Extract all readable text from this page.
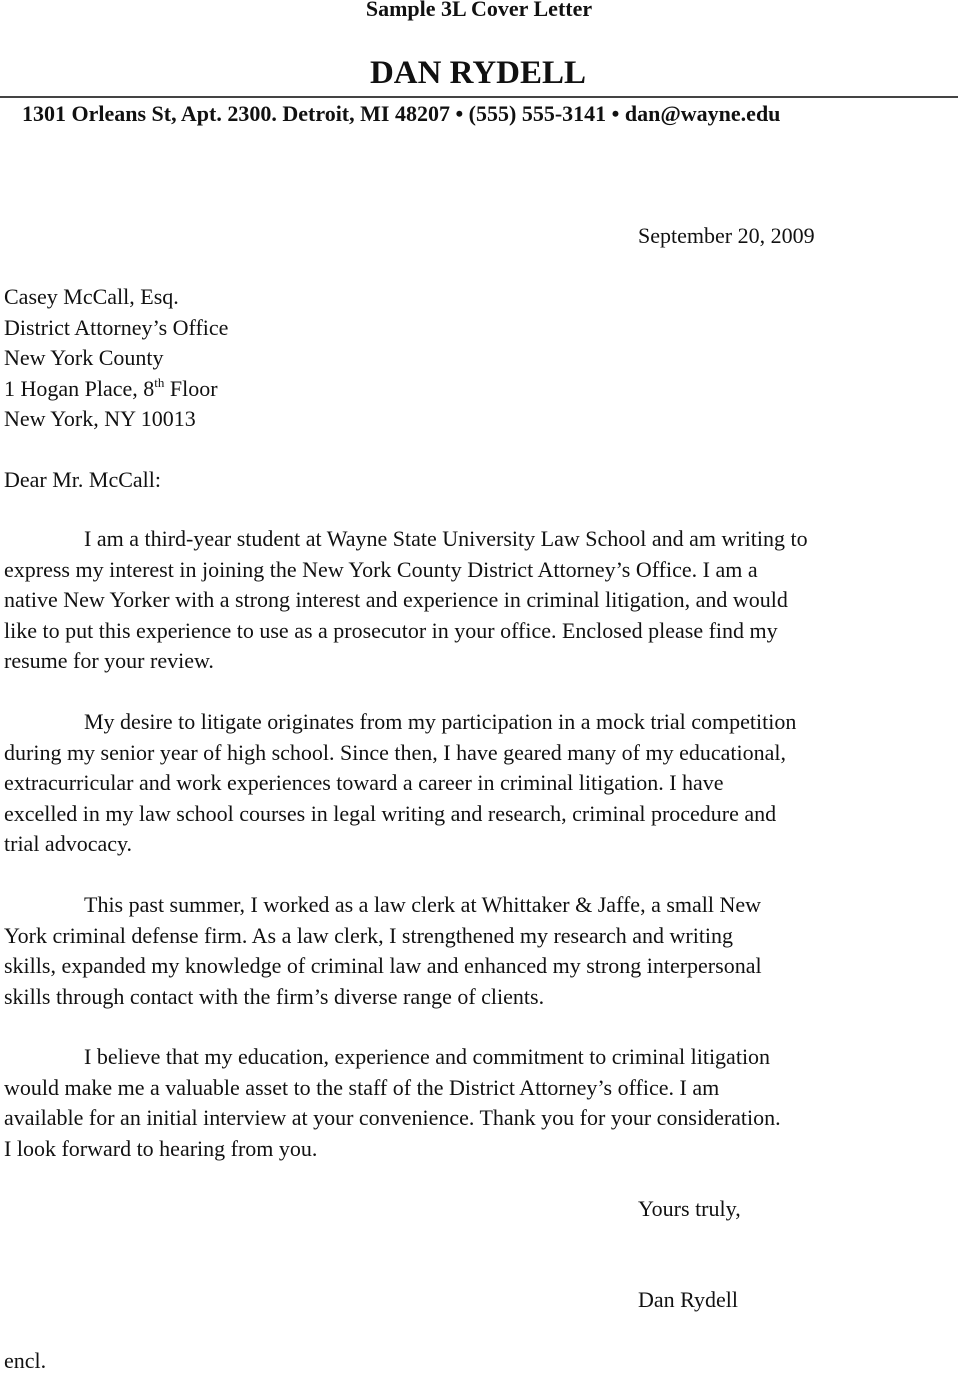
Sample 3L Cover Letter
DAN RYDELL
1301 Orleans St, Apt. 2300. Detroit, MI 48207 • (555) 555-3141 • dan@wayne.edu
September 20, 2009
Casey McCall, Esq.
District Attorney’s Office
New York County
1 Hogan Place, 8th Floor
New York, NY 10013
Dear Mr. McCall:
I am a third-year student at Wayne State University Law School and am writing to
express my interest in joining the New York County District Attorney’s Office. I am a
native New Yorker with a strong interest and experience in criminal litigation, and would
like to put this experience to use as a prosecutor in your office. Enclosed please find my
resume for your review.
My desire to litigate originates from my participation in a mock trial competition
during my senior year of high school. Since then, I have geared many of my educational,
extracurricular and work experiences toward a career in criminal litigation. I have
excelled in my law school courses in legal writing and research, criminal procedure and
trial advocacy.
This past summer, I worked as a law clerk at Whittaker & Jaffe, a small New
York criminal defense firm. As a law clerk, I strengthened my research and writing
skills, expanded my knowledge of criminal law and enhanced my strong interpersonal
skills through contact with the firm’s diverse range of clients.
I believe that my education, experience and commitment to criminal litigation
would make me a valuable asset to the staff of the District Attorney’s office. I am
available for an initial interview at your convenience. Thank you for your consideration.
I look forward to hearing from you.
Yours truly,
Dan Rydell
encl.
